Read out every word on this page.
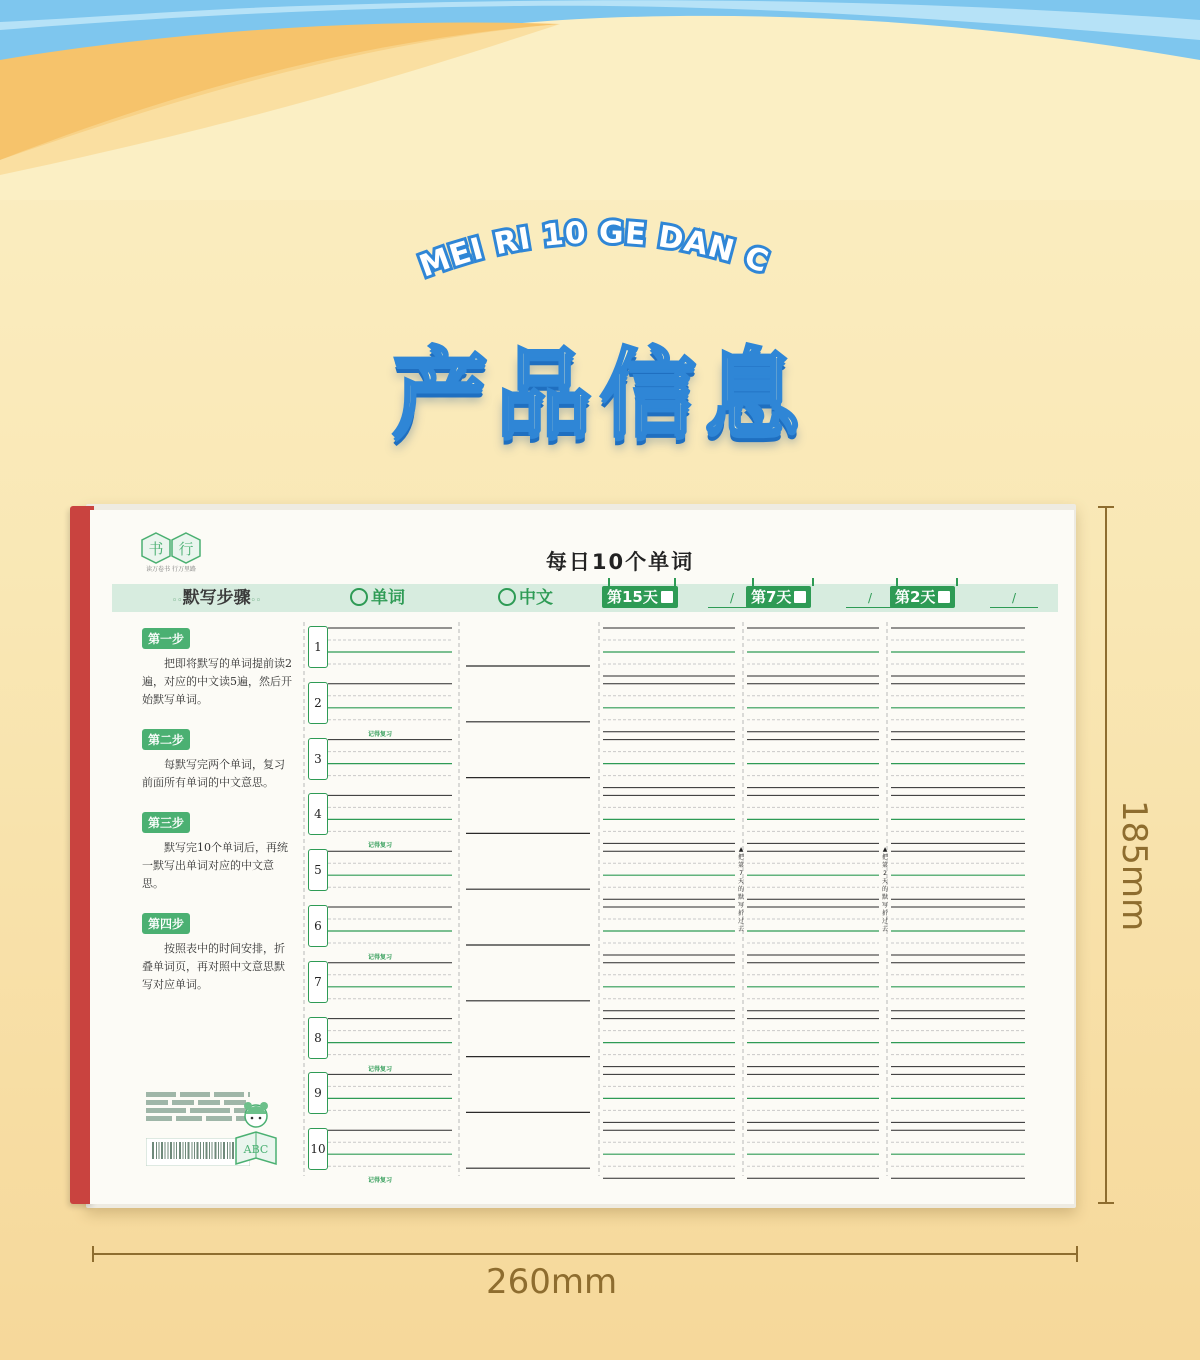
MEI RI 10 GE DAN C
产品信息
书 行
读万卷书 行万里路	每日10个单词
◦◦默写步骤◦◦	单词	中文	第15天	/	第7天	/	第2天	/
第一步
把即将默写的单词提前读2遍，对应的中文读5遍，然后开始默写单词。
第二步
每默写完两个单词，复习前面所有单词的中文意思。
第三步
默写完10个单词后，再统一默写出单词对应的中文意思。
第四步
按照表中的时间安排，折叠单词页，再对照中文意思默写对应单词。
ABC
1
2
记得复习
3
4
记得复习
5
6
记得复习
7
8
记得复习
9
10
记得复习
▲把第7天的默写折过去
▲把第2天的默写折过去	185mm
260mm
